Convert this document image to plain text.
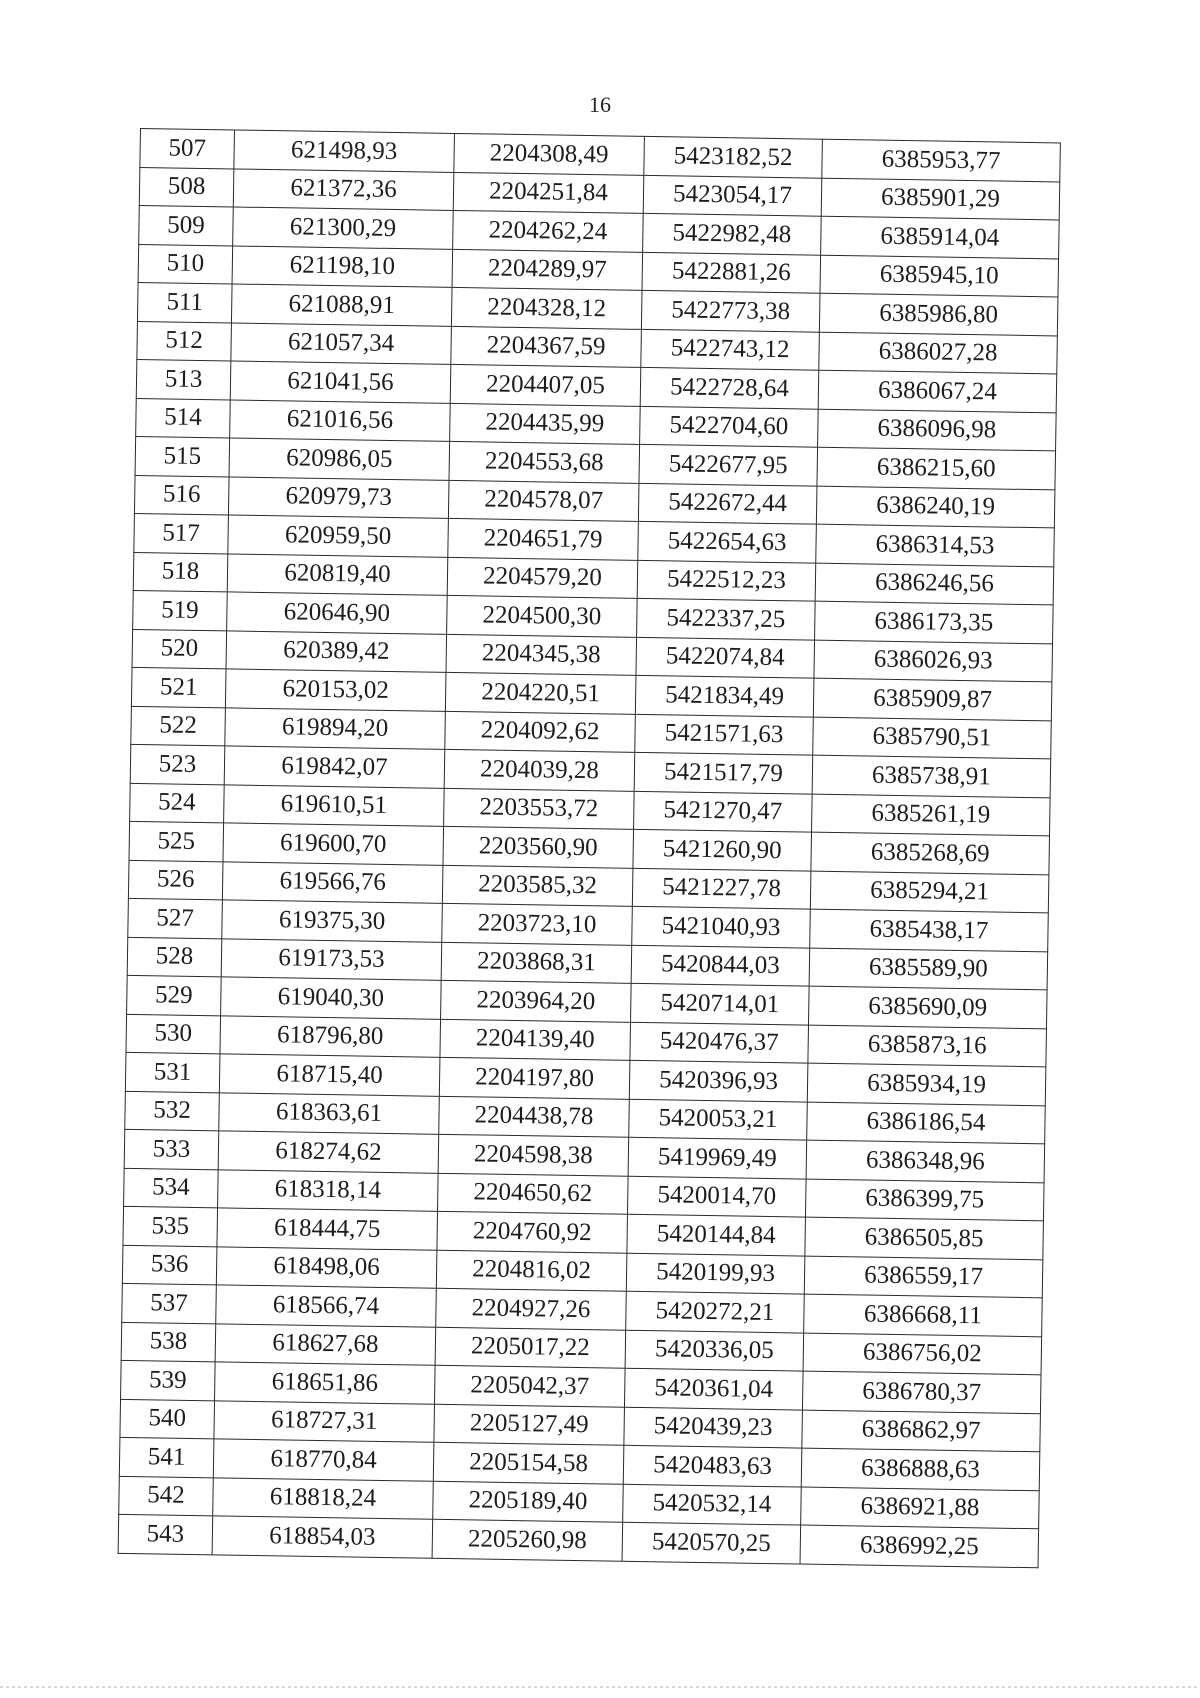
16
507	621498,93	2204308,49	5423182,52	6385953,77
508	621372,36	2204251,84	5423054,17	6385901,29
509	621300,29	2204262,24	5422982,48	6385914,04
510	621198,10	2204289,97	5422881,26	6385945,10
511	621088,91	2204328,12	5422773,38	6385986,80
512	621057,34	2204367,59	5422743,12	6386027,28
513	621041,56	2204407,05	5422728,64	6386067,24
514	621016,56	2204435,99	5422704,60	6386096,98
515	620986,05	2204553,68	5422677,95	6386215,60
516	620979,73	2204578,07	5422672,44	6386240,19
517	620959,50	2204651,79	5422654,63	6386314,53
518	620819,40	2204579,20	5422512,23	6386246,56
519	620646,90	2204500,30	5422337,25	6386173,35
520	620389,42	2204345,38	5422074,84	6386026,93
521	620153,02	2204220,51	5421834,49	6385909,87
522	619894,20	2204092,62	5421571,63	6385790,51
523	619842,07	2204039,28	5421517,79	6385738,91
524	619610,51	2203553,72	5421270,47	6385261,19
525	619600,70	2203560,90	5421260,90	6385268,69
526	619566,76	2203585,32	5421227,78	6385294,21
527	619375,30	2203723,10	5421040,93	6385438,17
528	619173,53	2203868,31	5420844,03	6385589,90
529	619040,30	2203964,20	5420714,01	6385690,09
530	618796,80	2204139,40	5420476,37	6385873,16
531	618715,40	2204197,80	5420396,93	6385934,19
532	618363,61	2204438,78	5420053,21	6386186,54
533	618274,62	2204598,38	5419969,49	6386348,96
534	618318,14	2204650,62	5420014,70	6386399,75
535	618444,75	2204760,92	5420144,84	6386505,85
536	618498,06	2204816,02	5420199,93	6386559,17
537	618566,74	2204927,26	5420272,21	6386668,11
538	618627,68	2205017,22	5420336,05	6386756,02
539	618651,86	2205042,37	5420361,04	6386780,37
540	618727,31	2205127,49	5420439,23	6386862,97
541	618770,84	2205154,58	5420483,63	6386888,63
542	618818,24	2205189,40	5420532,14	6386921,88
543	618854,03	2205260,98	5420570,25	6386992,25
